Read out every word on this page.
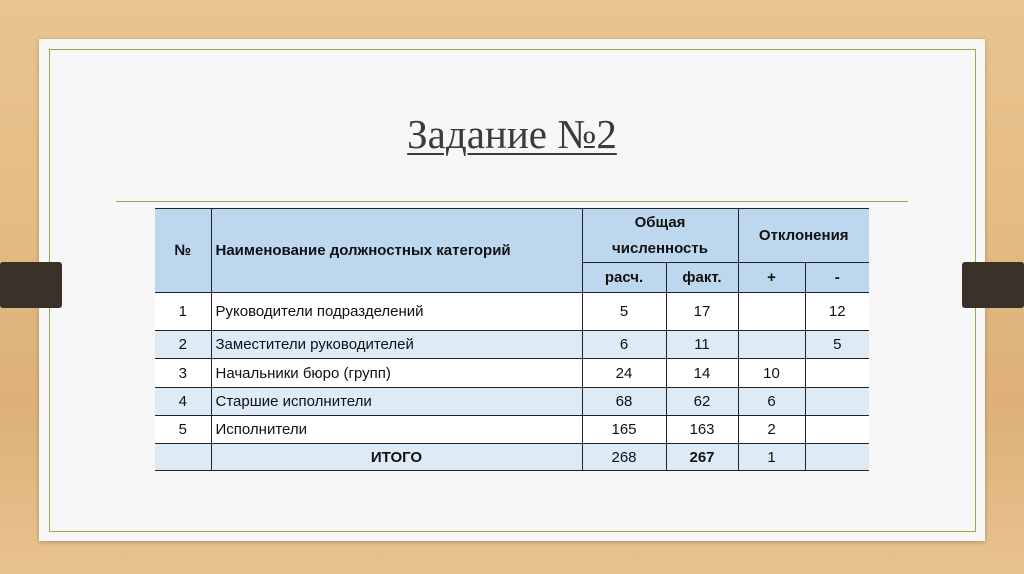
Задание №2
№	Наименование должностных категорий	Общая численность		Отклонения	
		расч.	факт.	+	-
1	Руководители подразделений	5	17		12
2	Заместители руководителей	6	11		5
3	Начальники бюро (групп)	24	14	10	
4	Старшие исполнители	68	62	6	
5	Исполнители	165	163	2	
	ИТОГО	268	267	1	
